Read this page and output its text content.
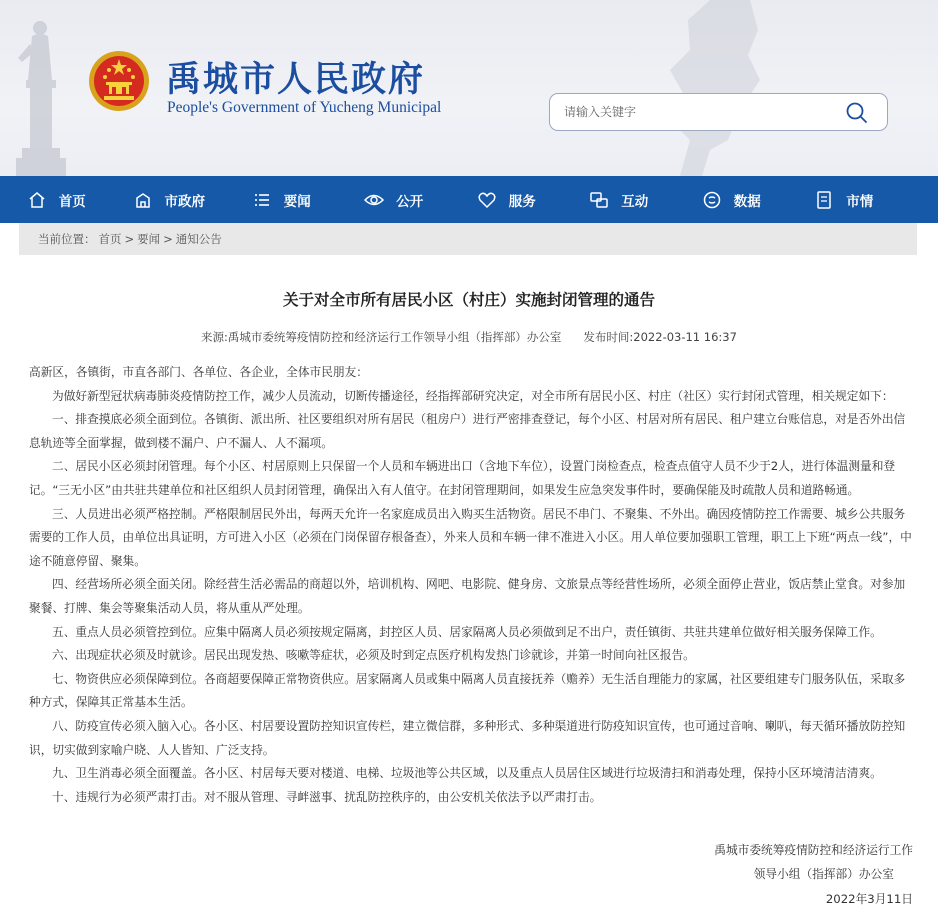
禹城市人民政府
People's Government of Yucheng Municipal
请输入关键字
首页	市政府	要闻	公开	服务	互动	数据	市情
当前位置： 首页 > 要闻 > 通知公告
关于对全市所有居民小区（村庄）实施封闭管理的通告
来源:禹城市委统筹疫情防控和经济运行工作领导小组（指挥部）办公室 发布时间:2022-03-11 16:37

高新区，各镇街，市直各部门、各单位、各企业，全体市民朋友：

为做好新型冠状病毒肺炎疫情防控工作，减少人员流动，切断传播途径，经指挥部研究决定，对全市所有居民小区、村庄（社区）实行封闭式管理，相关规定如下：

一、排查摸底必须全面到位。各镇街、派出所、社区要组织对所有居民（租房户）进行严密排查登记，每个小区、村居对所有居民、租户建立台账信息，对是否外出信息轨迹等全面掌握，做到楼不漏户、户不漏人、人不漏项。

二、居民小区必须封闭管理。每个小区、村居原则上只保留一个人员和车辆进出口（含地下车位），设置门岗检查点，检查点值守人员不少于2人，进行体温测量和登记。“三无小区”由共驻共建单位和社区组织人员封闭管理，确保出入有人值守。在封闭管理期间，如果发生应急突发事件时，要确保能及时疏散人员和道路畅通。

三、人员进出必须严格控制。严格限制居民外出，每两天允许一名家庭成员出入购买生活物资。居民不串门、不聚集、不外出。确因疫情防控工作需要、城乡公共服务需要的工作人员，由单位出具证明，方可进入小区（必须在门岗保留存根备查），外来人员和车辆一律不准进入小区。用人单位要加强职工管理，职工上下班“两点一线”，中途不随意停留、聚集。

四、经营场所必须全面关闭。除经营生活必需品的商超以外，培训机构、网吧、电影院、健身房、文旅景点等经营性场所，必须全面停止营业，饭店禁止堂食。对参加聚餐、打牌、集会等聚集活动人员，将从重从严处理。

五、重点人员必须管控到位。应集中隔离人员必须按规定隔离，封控区人员、居家隔离人员必须做到足不出户，责任镇街、共驻共建单位做好相关服务保障工作。

六、出现症状必须及时就诊。居民出现发热、咳嗽等症状，必须及时到定点医疗机构发热门诊就诊，并第一时间向社区报告。

七、物资供应必须保障到位。各商超要保障正常物资供应。居家隔离人员或集中隔离人员直接抚养（赡养）无生活自理能力的家属，社区要组建专门服务队伍，采取多种方式，保障其正常基本生活。

八、防疫宣传必须入脑入心。各小区、村居要设置防控知识宣传栏，建立微信群，多种形式、多种渠道进行防疫知识宣传，也可通过音响、喇叭，每天循环播放防控知识，切实做到家喻户晓、人人皆知、广泛支持。

九、卫生消毒必须全面覆盖。各小区、村居每天要对楼道、电梯、垃圾池等公共区域，以及重点人员居住区域进行垃圾清扫和消毒处理，保持小区环境清洁清爽。

十、违规行为必须严肃打击。对不服从管理、寻衅滋事、扰乱防控秩序的，由公安机关依法予以严肃打击。

禹城市委统筹疫情防控和经济运行工作
领导小组（指挥部）办公室
2022年3月11日
